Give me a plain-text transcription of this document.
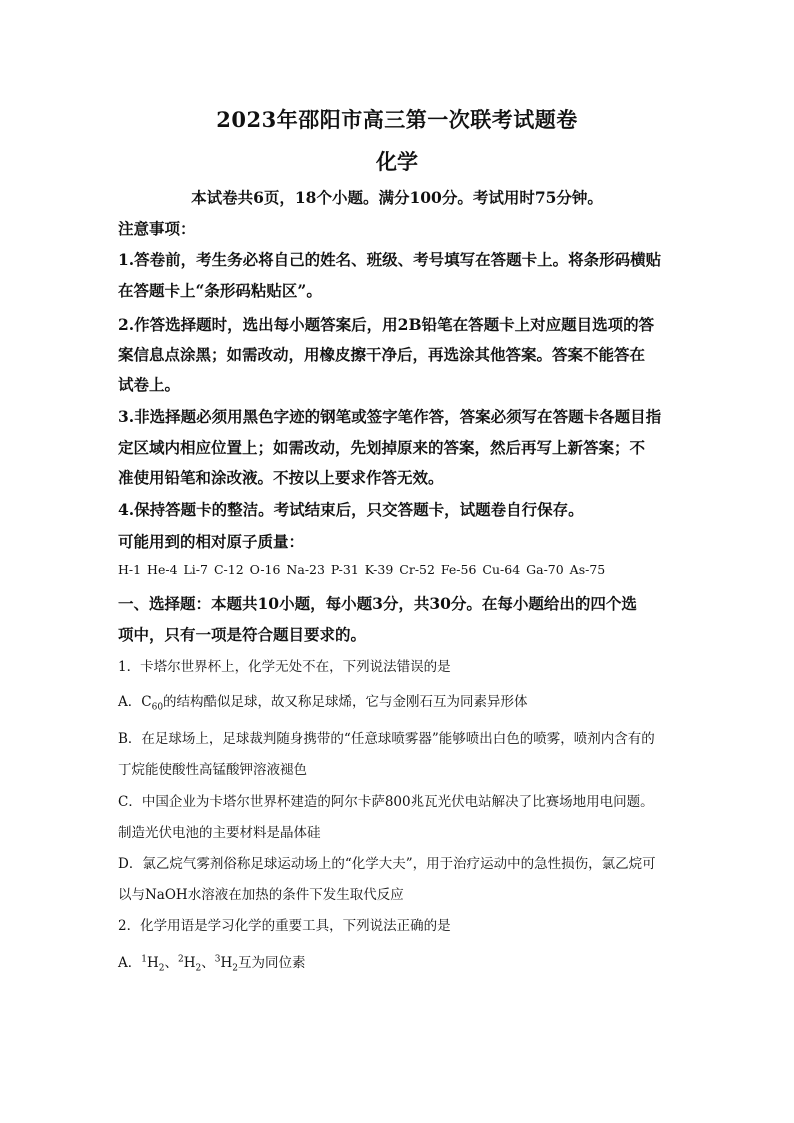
2023年邵阳市高三第一次联考试题卷
化学
本试卷共6页，18个小题。满分100分。考试用时75分钟。
注意事项：
1.答卷前，考生务必将自己的姓名、班级、考号填写在答题卡上。将条形码横贴
在答题卡上“条形码粘贴区”。
2.作答选择题时，选出每小题答案后，用2B铅笔在答题卡上对应题目选项的答
案信息点涂黑；如需改动，用橡皮擦干净后，再选涂其他答案。答案不能答在
试卷上。
3.非选择题必须用黑色字迹的钢笔或签字笔作答，答案必须写在答题卡各题目指
定区域内相应位置上；如需改动，先划掉原来的答案，然后再写上新答案；不
准使用铅笔和涂改液。不按以上要求作答无效。
4.保持答题卡的整洁。考试结束后，只交答题卡，试题卷自行保存。
可能用到的相对原子质量：
H-1 He-4 Li-7 C-12 O-16 Na-23 P-31 K-39 Cr-52 Fe-56 Cu-64 Ga-70 As-75
一、选择题：本题共10小题，每小题3分，共30分。在每小题给出的四个选
项中，只有一项是符合题目要求的。
1．卡塔尔世界杯上，化学无处不在，下列说法错误的是
A．$C_{60}$的结构酷似足球，故又称足球烯，它与金刚石互为同素异形体
B．在足球场上，足球裁判随身携带的“任意球喷雾器”能够喷出白色的喷雾，喷剂内含有的
丁烷能使酸性高锰酸钾溶液褪色
C．中国企业为卡塔尔世界杯建造的阿尔卡萨800兆瓦光伏电站解决了比赛场地用电问题。
制造光伏电池的主要材料是晶体硅
D．氯乙烷气雾剂俗称足球运动场上的“化学大夫”，用于治疗运动中的急性损伤，氯乙烷可
以与NaOH水溶液在加热的条件下发生取代反应
2．化学用语是学习化学的重要工具，下列说法正确的是
A．$^1H_2$、$^2H_2$、$^3H_2$互为同位素
